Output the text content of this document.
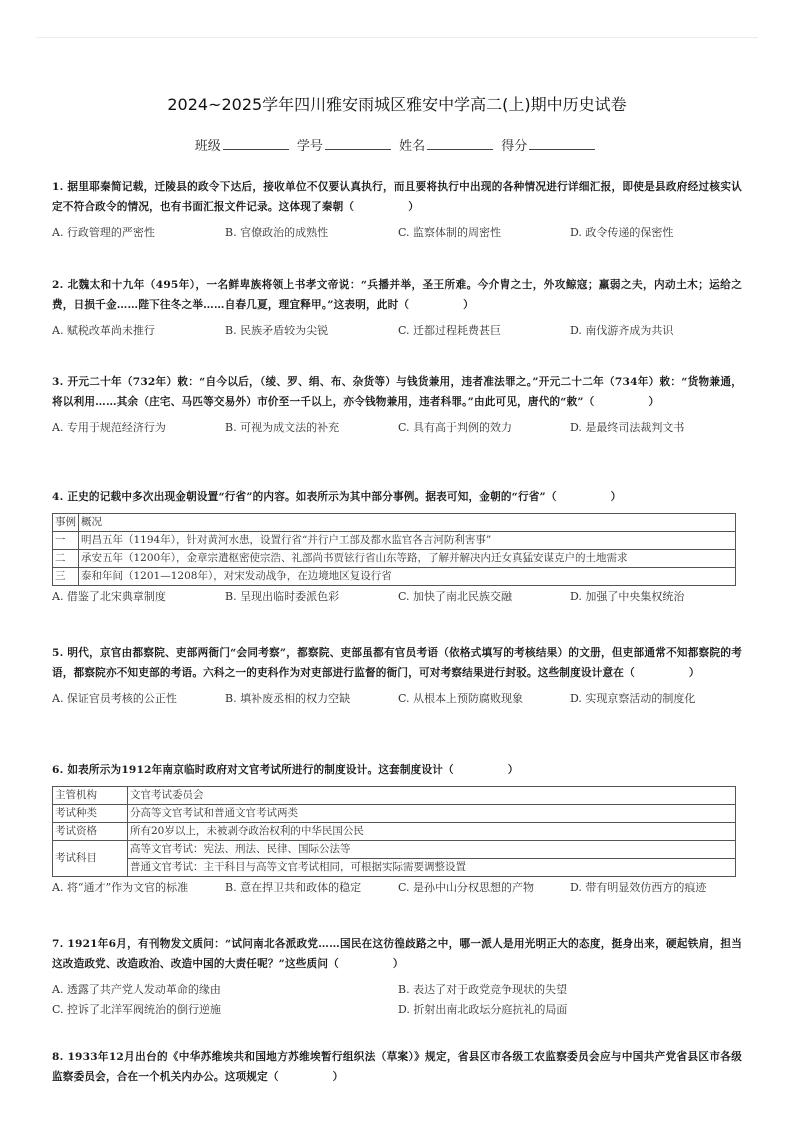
2024~2025学年四川雅安雨城区雅安中学高二(上)期中历史试卷
班级	学号	姓名	得分

1. 据里耶秦简记载，迁陵县的政令下达后，接收单位不仅要认真执行，而且要将执行中出现的各种情况进行详细汇报，即使是县政府经过核实认定不符合政令的情况，也有书面汇报文件记录。这体现了秦朝（　　　　　）

A. 行政管理的严密性	B. 官僚政治的成熟性	C. 监察体制的周密性	D. 政令传递的保密性

2. 北魏太和十九年（495年），一名鲜卑族将领上书孝文帝说：“兵播并举，圣王所难。今介胄之士，外攻鲸寇；羸弱之夫，内动土木；运给之费，日损千金……陛下往冬之举……自春几夏，理宜释甲。”这表明，此时（　　　　　）

A. 赋税改革尚未推行	B. 民族矛盾较为尖锐	C. 迁都过程耗费甚巨	D. 南伐游齐成为共识

3. 开元二十年（732年）敕：“自今以后，（绫、罗、绢、布、杂货等）与钱货兼用，违者准法罪之。”开元二十二年（734年）敕：“货物兼通，将以利用……其余（庄宅、马匹等交易外）市价至一千以上，亦令钱物兼用，违者科罪。”由此可见，唐代的“敕”（　　　　　）

A. 专用于规范经济行为	B. 可视为成文法的补充	C. 具有高于判例的效力	D. 是最终司法裁判文书

4. 正史的记载中多次出现金朝设置“行省”的内容。如表所示为其中部分事例。据表可知，金朝的“行省”（　　　　　）

事例	概况
一	明昌五年（1194年），针对黄河水患，设置行省“并行户工部及都水监官各言河防利害事”
二	承安五年（1200年），金章宗遣枢密使宗浩、礼部尚书贾铉行省山东等路，了解并解决内迁女真猛安谋克户的土地需求
三	泰和年间（1201—1208年），对宋发动战争，在边境地区复设行省
A. 借鉴了北宋典章制度	B. 呈现出临时委派色彩	C. 加快了南北民族交融	D. 加强了中央集权统治

5. 明代，京官由都察院、吏部两衙门“会同考察”，都察院、吏部虽都有官员考语（依格式填写的考核结果）的文册，但吏部通常不知都察院的考语，都察院亦不知吏部的考语。六科之一的吏科作为对吏部进行监督的衙门，可对考察结果进行封驳。这些制度设计意在（　　　　　）

A. 保证官员考核的公正性	B. 填补废丞相的权力空缺	C. 从根本上预防腐败现象	D. 实现京察活动的制度化

6. 如表所示为1912年南京临时政府对文官考试所进行的制度设计。这套制度设计（　　　　　）

主管机构	文官考试委员会
考试种类	分高等文官考试和普通文官考试两类
考试资格	所有20岁以上，未被剥夺政治权利的中华民国公民
考试科目	高等文官考试：宪法、刑法、民律、国际公法等
	普通文官考试：主干科目与高等文官考试相同，可根据实际需要调整设置
A. 将“通才”作为文官的标准	B. 意在捍卫共和政体的稳定	C. 是孙中山分权思想的产物	D. 带有明显效仿西方的痕迹

7. 1921年6月，有刊物发文质问：“试问南北各派政党……国民在这彷徨歧路之中，哪一派人是用光明正大的态度，挺身出来，硬起铁肩，担当这改造政党、改造政治、改造中国的大责任呢？”这些质问（　　　　　）

A. 透露了共产党人发动革命的缘由	B. 表达了对于政党竞争现状的失望
C. 控诉了北洋军阀统治的倒行逆施	D. 折射出南北政坛分庭抗礼的局面

8. 1933年12月出台的《中华苏维埃共和国地方苏维埃暂行组织法（草案）》规定，省县区市各级工农监察委员会应与中国共产党省县区市各级监察委员会，合在一个机关内办公。这项规定（　　　　　）
